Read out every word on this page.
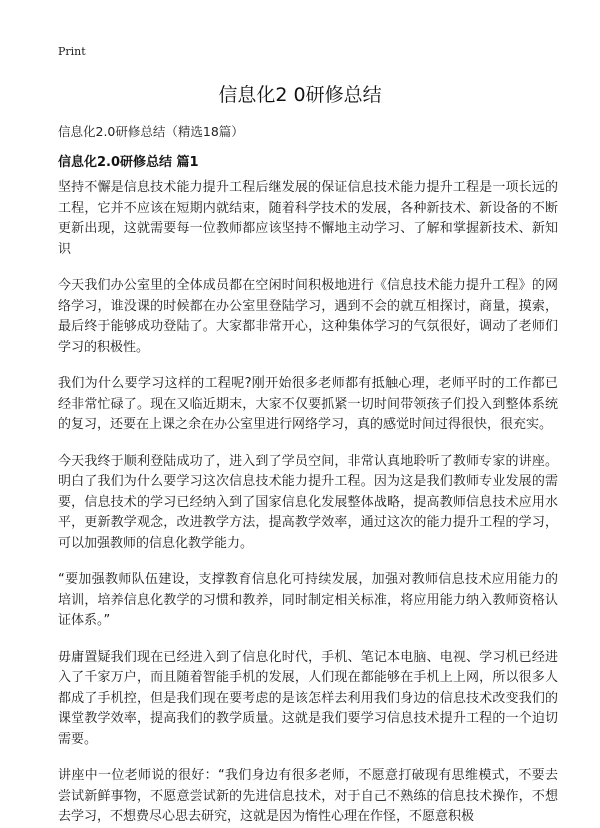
Print
信息化2 0研修总结
信息化2.0研修总结（精选18篇）
信息化2.0研修总结 篇1

坚持不懈是信息技术能力提升工程后继发展的保证信息技术能力提升工程是一项长远的工程，它并不应该在短期内就结束，随着科学技术的发展，各种新技术、新设备的不断更新出现，这就需要每一位教师都应该坚持不懈地主动学习、了解和掌握新技术、新知识

今天我们办公室里的全体成员都在空闲时间积极地进行《信息技术能力提升工程》的网络学习，谁没课的时候都在办公室里登陆学习，遇到不会的就互相探讨，商量，摸索，最后终于能够成功登陆了。大家都非常开心，这种集体学习的气氛很好，调动了老师们学习的积极性。

我们为什么要学习这样的工程呢?刚开始很多老师都有抵触心理，老师平时的工作都已经非常忙碌了。现在又临近期末，大家不仅要抓紧一切时间带领孩子们投入到整体系统的复习，还要在上课之余在办公室里进行网络学习，真的感觉时间过得很快，很充实。

今天我终于顺利登陆成功了，进入到了学员空间，非常认真地聆听了教师专家的讲座。明白了我们为什么要学习这次信息技术能力提升工程。因为这是我们教师专业发展的需要，信息技术的学习已经纳入到了国家信息化发展整体战略，提高教师信息技术应用水平，更新教学观念，改进教学方法，提高教学效率，通过这次的能力提升工程的学习，可以加强教师的信息化教学能力。

“要加强教师队伍建设，支撑教育信息化可持续发展，加强对教师信息技术应用能力的培训，培养信息化教学的习惯和教养，同时制定相关标准，将应用能力纳入教师资格认证体系。”

毋庸置疑我们现在已经进入到了信息化时代，手机、笔记本电脑、电视、学习机已经进入了千家万户，而且随着智能手机的发展，人们现在都能够在手机上上网，所以很多人都成了手机控，但是我们现在要考虑的是该怎样去利用我们身边的信息技术改变我们的课堂教学效率，提高我们的教学质量。这就是我们要学习信息技术提升工程的一个迫切需要。

讲座中一位老师说的很好：“我们身边有很多老师，不愿意打破现有思维模式，不要去尝试新鲜事物，不愿意尝试新的先进信息技术，对于自己不熟练的信息技术操作，不想去学习，不想费尽心思去研究，这就是因为惰性心理在作怪，不愿意积极
